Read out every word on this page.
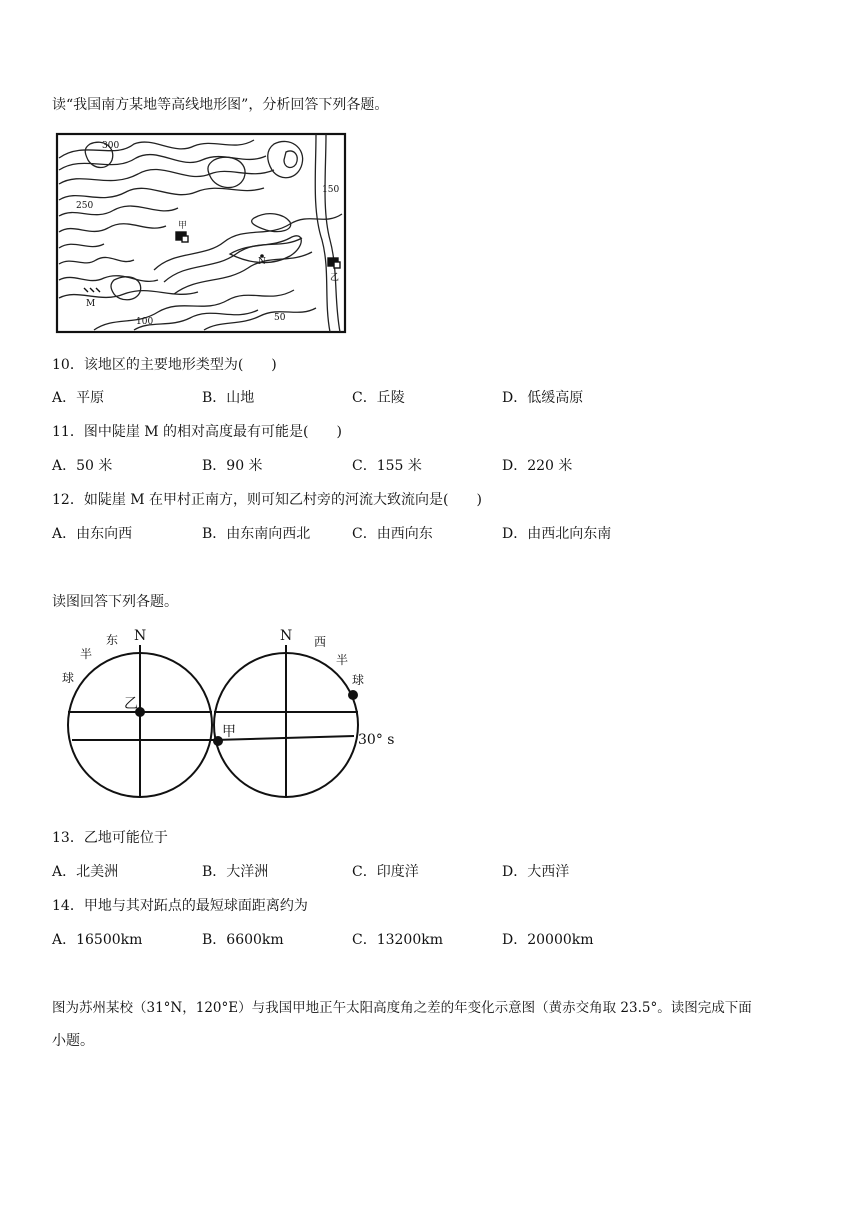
读“我国南方某地等高线地形图”，分析回答下列各题。
300
250
150
100	50
M
N
甲
乙
10．该地区的主要地形类型为(　　)
A．平原	B．山地	C．丘陵	D．低缓高原
11．图中陡崖 M 的相对高度最有可能是(　　)
A．50 米	B．90 米	C．155 米	D．220 米
12．如陡崖 M 在甲村正南方，则可知乙村旁的河流大致流向是(　　)
A．由东向西	B．由东南向西北	C．由西向东	D．由西北向东南
读图回答下列各题。
N	N
半
东
球
西
半
球
乙
甲	30° s
13．乙地可能位于
A．北美洲	B．大洋洲	C．印度洋	D．大西洋
14．甲地与其对跖点的最短球面距离约为
A．16500km	B．6600km	C．13200km	D．20000km
图为苏州某校（31°N，120°E）与我国甲地正午太阳高度角之差的年变化示意图（黄赤交角取 23.5°。读图完成下面
小题。
